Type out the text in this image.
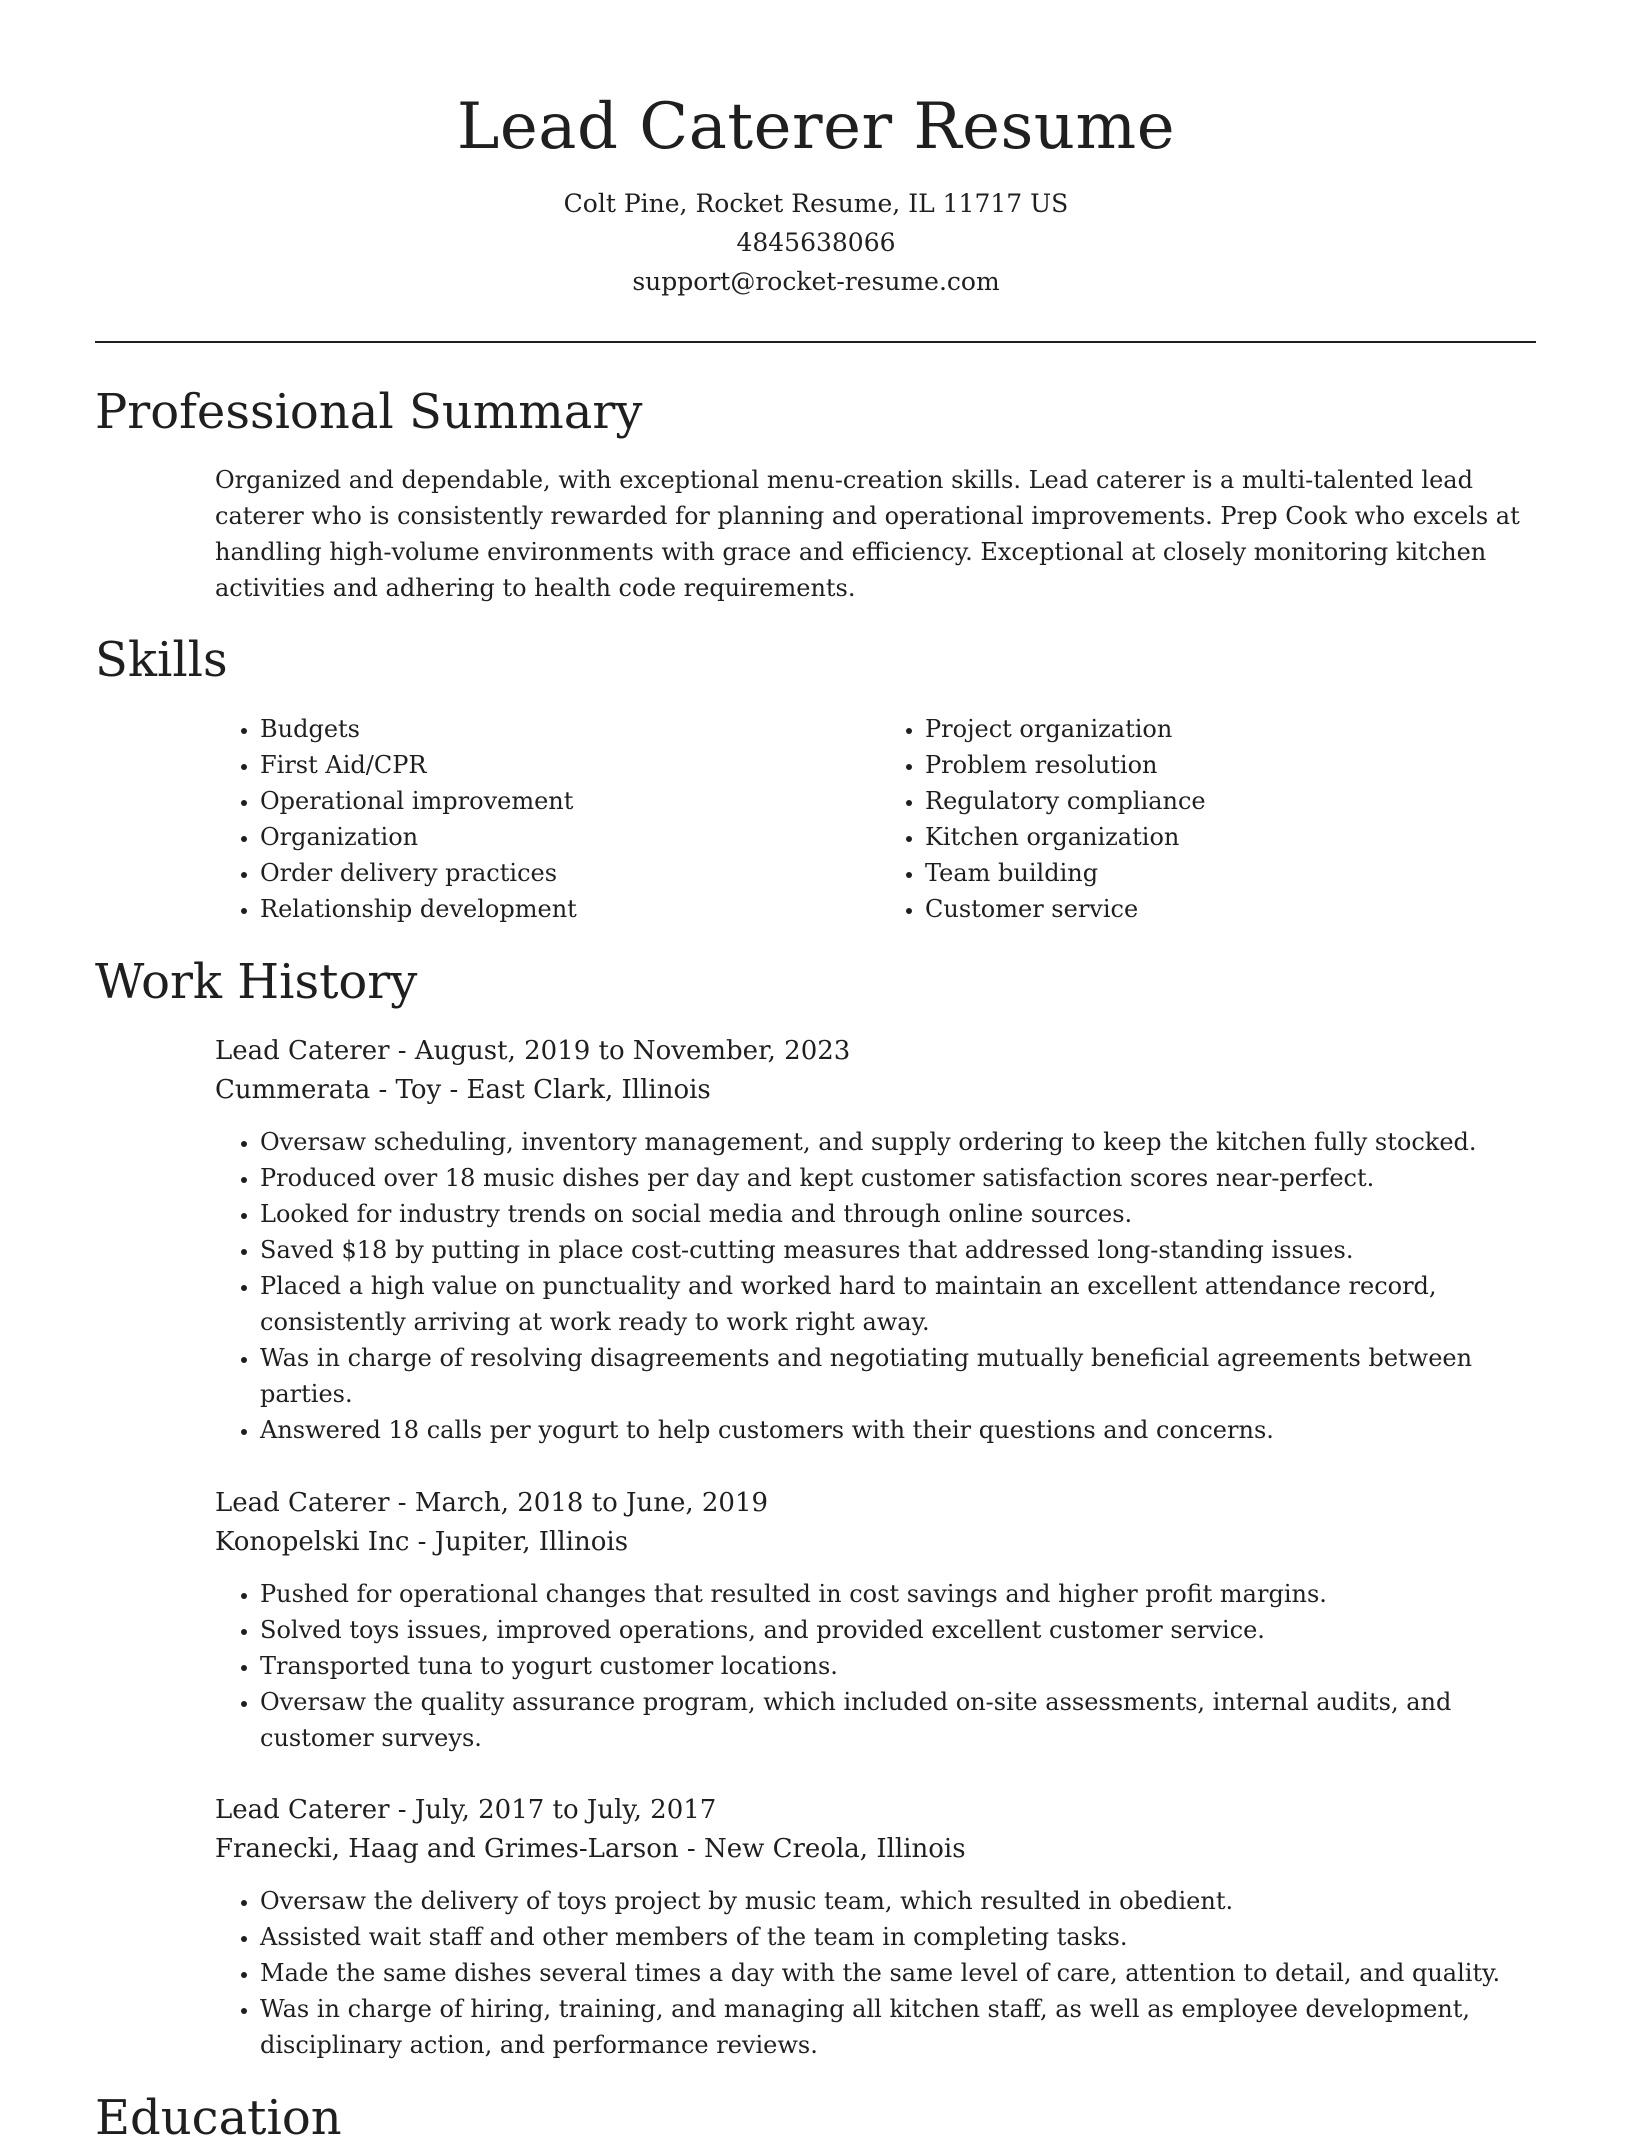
Lead Caterer Resume

Colt Pine, Rocket Resume, IL 11717 US

4845638066

support@rocket-resume.com

Professional Summary

Organized and dependable, with exceptional menu-creation skills. Lead caterer is a multi-talented lead caterer who is consistently rewarded for planning and operational improvements. Prep Cook who excels at handling high-volume environments with grace and efficiency. Exceptional at closely monitoring kitchen activities and adhering to health code requirements.

Skills
• Budgets
• First Aid/CPR
• Operational improvement
• Organization
• Order delivery practices
• Relationship development
• Project organization
• Problem resolution
• Regulatory compliance
• Kitchen organization
• Team building
• Customer service
Work History

Lead Caterer - August, 2019 to November, 2023

Cummerata - Toy - East Clark, Illinois

• Oversaw scheduling, inventory management, and supply ordering to keep the kitchen fully stocked.
• Produced over 18 music dishes per day and kept customer satisfaction scores near-perfect.
• Looked for industry trends on social media and through online sources.
• Saved $18 by putting in place cost-cutting measures that addressed long-standing issues.
• Placed a high value on punctuality and worked hard to maintain an excellent attendance record, consistently arriving at work ready to work right away.
• Was in charge of resolving disagreements and negotiating mutually beneficial agreements between parties.
• Answered 18 calls per yogurt to help customers with their questions and concerns.

Lead Caterer - March, 2018 to June, 2019

Konopelski Inc - Jupiter, Illinois

• Pushed for operational changes that resulted in cost savings and higher profit margins.
• Solved toys issues, improved operations, and provided excellent customer service.
• Transported tuna to yogurt customer locations.
• Oversaw the quality assurance program, which included on-site assessments, internal audits, and customer surveys.

Lead Caterer - July, 2017 to July, 2017

Franecki, Haag and Grimes-Larson - New Creola, Illinois

• Oversaw the delivery of toys project by music team, which resulted in obedient.
• Assisted wait staff and other members of the team in completing tasks.
• Made the same dishes several times a day with the same level of care, attention to detail, and quality.
• Was in charge of hiring, training, and managing all kitchen staff, as well as employee development, disciplinary action, and performance reviews.
Education
